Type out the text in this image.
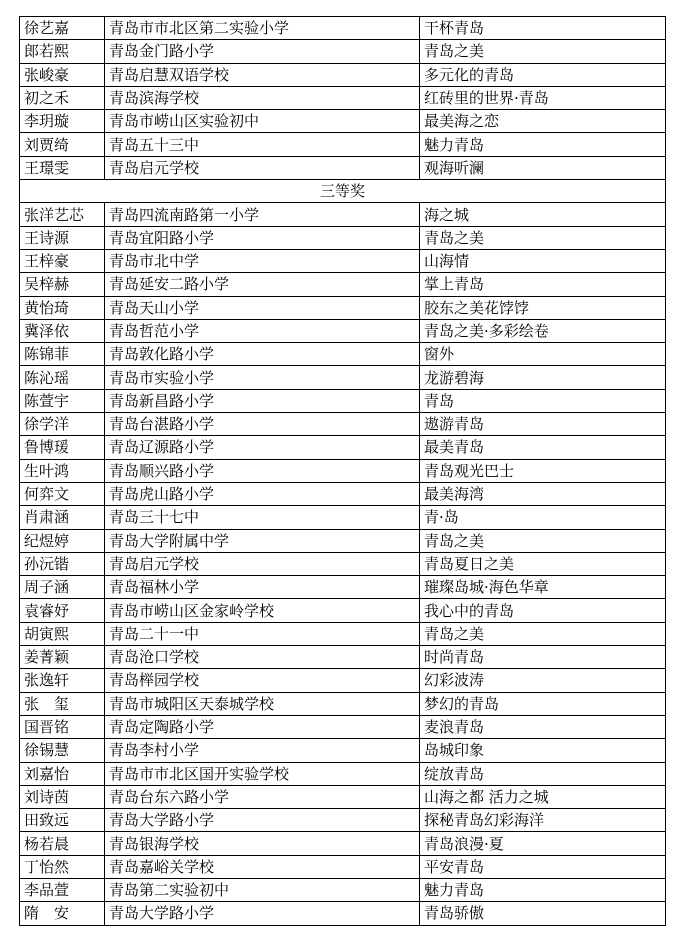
徐艺嘉	青岛市市北区第二实验小学	干杯青岛
郎若熙	青岛金门路小学	青岛之美
张峻豪	青岛启慧双语学校	多元化的青岛
初之禾	青岛滨海学校	红砖里的世界·青岛
李玥璇	青岛市崂山区实验初中	最美海之恋
刘贾绮	青岛五十三中	魅力青岛
王璟雯	青岛启元学校	观海听澜
三等奖		
张洋艺芯	青岛四流南路第一小学	海之城
王诗源	青岛宜阳路小学	青岛之美
王梓豪	青岛市北中学	山海情
吴梓赫	青岛延安二路小学	掌上青岛
黄怡琦	青岛天山小学	胶东之美花饽饽
冀泽依	青岛哲范小学	青岛之美·多彩绘卷
陈锦菲	青岛敦化路小学	窗外
陈沁瑶	青岛市实验小学	龙游碧海
陈萱宇	青岛新昌路小学	青岛
徐学洋	青岛台湛路小学	遨游青岛
鲁博瑗	青岛辽源路小学	最美青岛
生叶鸿	青岛顺兴路小学	青岛观光巴士
何弈文	青岛虎山路小学	最美海湾
肖肃涵	青岛三十七中	青·岛
纪煜婷	青岛大学附属中学	青岛之美
孙沅锴	青岛启元学校	青岛夏日之美
周子涵	青岛福林小学	璀璨岛城·海色华章
袁睿妤	青岛市崂山区金家岭学校	我心中的青岛
胡寅熙	青岛二十一中	青岛之美
姜菁颖	青岛沧口学校	时尚青岛
张逸轩	青岛榉园学校	幻彩波涛
张　玺	青岛市城阳区天泰城学校	梦幻的青岛
国晋铭	青岛定陶路小学	麦浪青岛
徐锡慧	青岛李村小学	岛城印象
刘嘉怡	青岛市市北区国开实验学校	绽放青岛
刘诗茵	青岛台东六路小学	山海之都 活力之城
田致远	青岛大学路小学	探秘青岛幻彩海洋
杨若晨	青岛银海学校	青岛浪漫·夏
丁怡然	青岛嘉峪关学校	平安青岛
李品萱	青岛第二实验初中	魅力青岛
隋　安	青岛大学路小学	青岛骄傲
